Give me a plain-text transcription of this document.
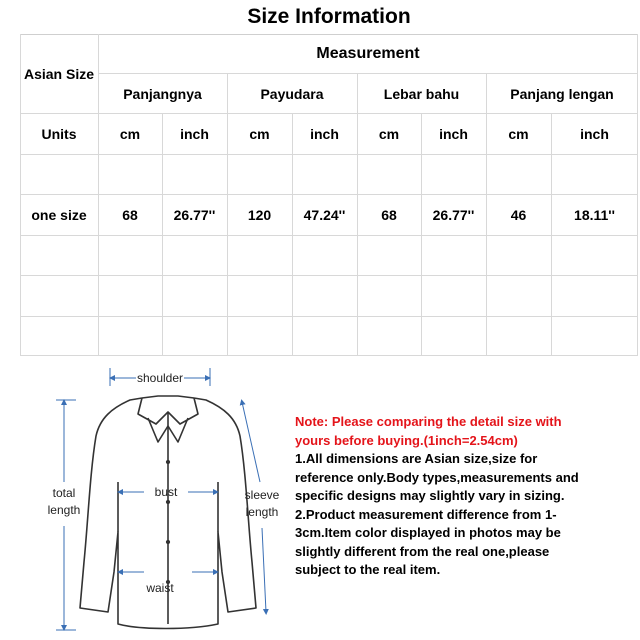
Size Information
Asian Size
Measurement
Panjangnya	Payudara	Lebar bahu	Panjang lengan
Units	cm	inch	cm	inch	cm	inch	cm	inch
one size	68	26.77''	120	47.24''	68	26.77''	46	18.11''
shoulder
total
length
bust	sleeve
length
waist
Note: Please comparing the detail size with
yours before buying.(1inch=2.54cm)
1.All dimensions are Asian size,size for
reference only.Body types,measurements and
specific designs may slightly vary in sizing.
2.Product measurement difference from 1-
3cm.Item color displayed in photos may be
slightly different from the real one,please
subject to the real item.
